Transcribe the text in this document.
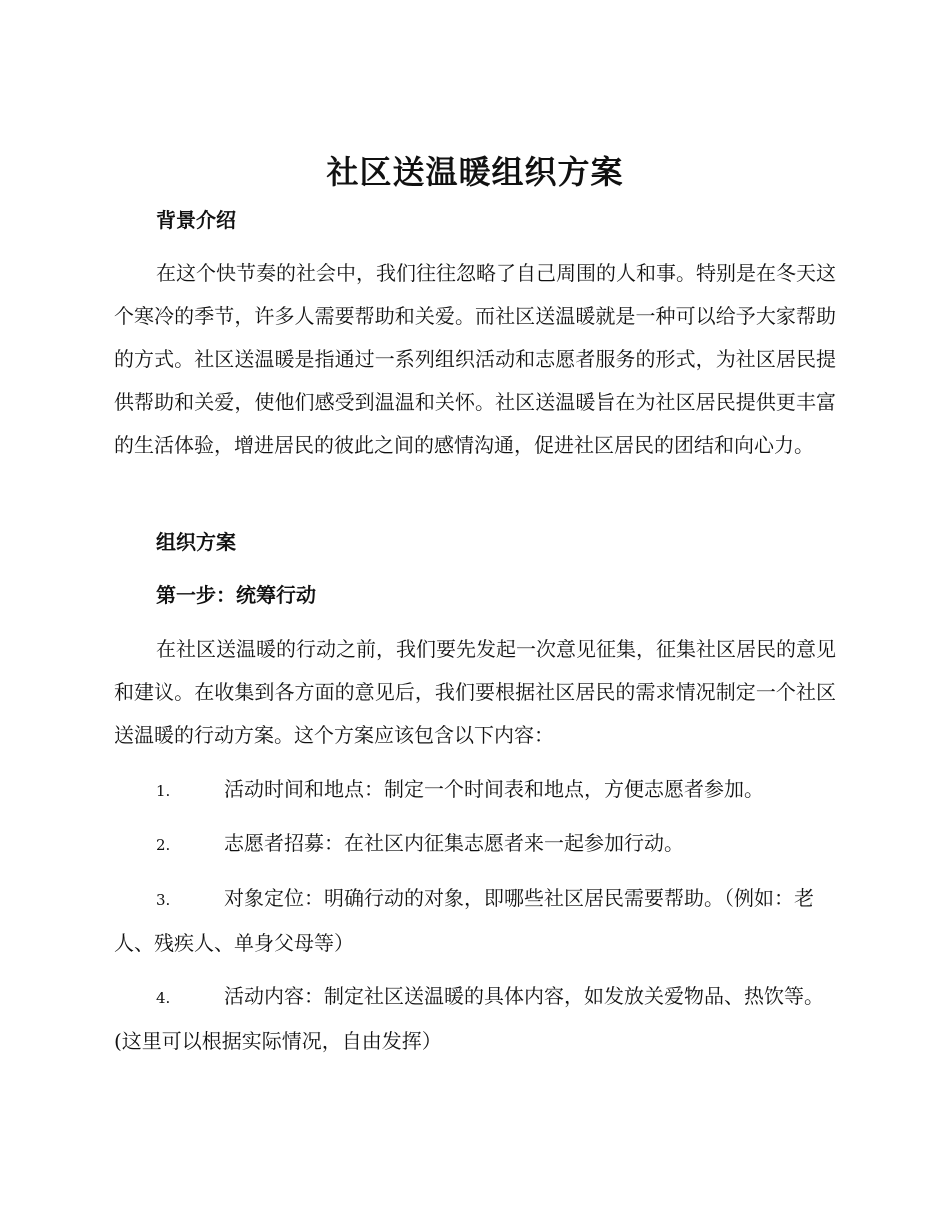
社区送温暖组织方案
背景介绍

在这个快节奏的社会中，我们往往忽略了自己周围的人和事。特别是在冬天这个寒冷的季节，许多人需要帮助和关爱。而社区送温暖就是一种可以给予大家帮助的方式。社区送温暖是指通过一系列组织活动和志愿者服务的形式，为社区居民提供帮助和关爱，使他们感受到温温和关怀。社区送温暖旨在为社区居民提供更丰富的生活体验，增进居民的彼此之间的感情沟通，促进社区居民的团结和向心力。

组织方案
第一步：统筹行动

在社区送温暖的行动之前，我们要先发起一次意见征集，征集社区居民的意见和建议。在收集到各方面的意见后，我们要根据社区居民的需求情况制定一个社区送温暖的行动方案。这个方案应该包含以下内容：

1.	活动时间和地点：制定一个时间表和地点，方便志愿者参加。

2.	志愿者招募：在社区内征集志愿者来一起参加行动。

3.	对象定位：明确行动的对象，即哪些社区居民需要帮助。（例如：老人、残疾人、单身父母等）

4.	活动内容：制定社区送温暖的具体内容，如发放关爱物品、热饮等。(这里可以根据实际情况，自由发挥）
